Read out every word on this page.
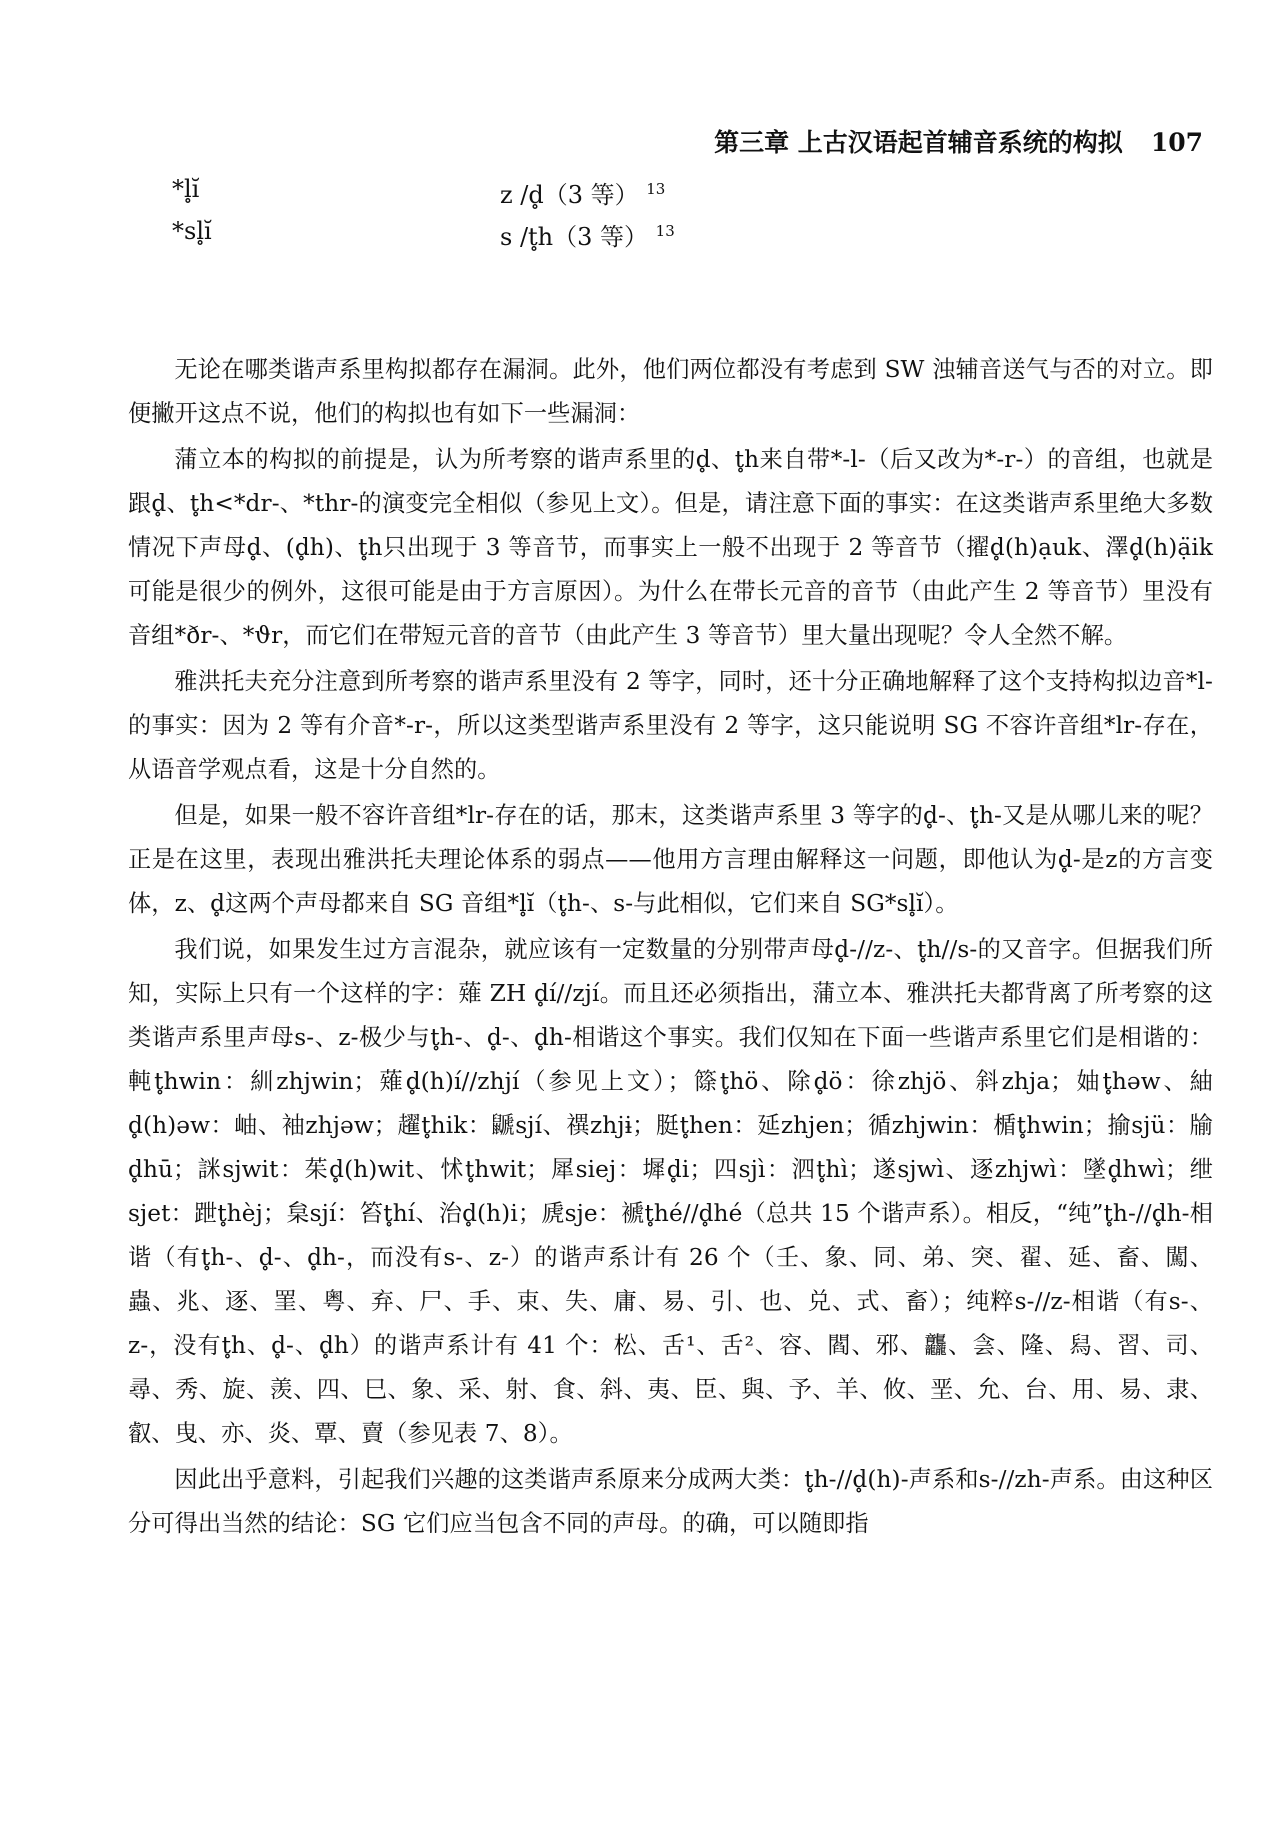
第三章 上古汉语起首辅音系统的构拟 107
*l̥ĭ	z /d̥（3 等） $^{13}$
*sl̥ĭ	s /t̥h（3 等） $^{13}$

无论在哪类谐声系里构拟都存在漏洞。此外，他们两位都没有考虑到 SW 浊辅音送气与否的对立。即便撇开这点不说，他们的构拟也有如下一些漏洞：

蒲立本的构拟的前提是，认为所考察的谐声系里的d̥、t̥h来自带*-l-（后又改为*-r-）的音组，也就是跟d̥、t̥h<*dr-、*thr-的演变完全相似（参见上文）。但是，请注意下面的事实：在这类谐声系里绝大多数情况下声母d̥、(d̥h)、t̥h只出现于 3 等音节，而事实上一般不出现于 2 等音节（擢d̥(h)ạuk、澤d̥(h)ạ̈ik可能是很少的例外，这很可能是由于方言原因）。为什么在带长元音的音节（由此产生 2 等音节）里没有音组*ðr-、*ϑr，而它们在带短元音的音节（由此产生 3 等音节）里大量出现呢？令人全然不解。

雅洪托夫充分注意到所考察的谐声系里没有 2 等字，同时，还十分正确地解释了这个支持构拟边音*l-的事实：因为 2 等有介音*-r-，所以这类型谐声系里没有 2 等字，这只能说明 SG 不容许音组*lr-存在，从语音学观点看，这是十分自然的。

但是，如果一般不容许音组*lr-存在的话，那末，这类谐声系里 3 等字的d̥-、t̥h-又是从哪儿来的呢？正是在这里，表现出雅洪托夫理论体系的弱点——他用方言理由解释这一问题，即他认为d̥-是z的方言变体，z、d̥这两个声母都来自 SG 音组*l̥ĭ（t̥h-、s-与此相似，它们来自 SG*sl̥ĭ）。

我们说，如果发生过方言混杂，就应该有一定数量的分别带声母d̥-//z-、t̥h//s-的又音字。但据我们所知，实际上只有一个这样的字：薙 ZH d̥í//zjí。而且还必须指出，蒲立本、雅洪托夫都背离了所考察的这类谐声系里声母s-、z-极少与t̥h-、d̥-、d̥h-相谐这个事实。我们仅知在下面一些谐声系里它们是相谐的：軘t̥hwin：紃zhjwin；薙d̥(h)í//zhjí（参见上文）；篨t̥hö、除d̥ö：徐zhjö、斜zhja；妯t̥həw、紬d̥(h)əw：岫、袖zhjəw；趯t̥hik：鼶sjí、禩zhjɨ；脡t̥hen：延zhjen；循zhjwin：楯t̥hwin；揄sjü：牏d̥hū；詸sjwit：茱d̥(h)wit、怵t̥hwit；犀siej：墀d̥i；四sjì：泗t̥hì；遂sjwì、逐zhjwì：墜d̥hwì；绁sjet：跇t̥hèj；枲sjí：笞t̥hí、治d̥(h)i；虒sje：褫t̥hé//d̥hé（总共 15 个谐声系）。相反，“纯”t̥h-//d̥h-相谐（有t̥h-、d̥-、d̥h-，而没有s-、z-）的谐声系计有 26 个（壬、象、同、弟、突、翟、延、畜、闖、蟲、兆、逐、罣、粤、弃、尸、手、束、失、庸、易、引、也、兑、式、畜）；纯粹s-//z-相谐（有s-、z-，没有t̥h、d̥-、d̥h）的谐声系计有 41 个：松、舌¹、舌²、容、閻、邪、龘、侌、隆、舄、習、司、尋、秀、旋、羡、四、巳、象、采、射、食、斜、夷、臣、與、予、羊、攸、垩、允、台、用、易、隶、叡、曳、亦、炎、覃、賣（参见表 7、8）。

因此出乎意料，引起我们兴趣的这类谐声系原来分成两大类：t̥h-//d̥(h)-声系和s-//zh-声系。由这种区分可得出当然的结论：SG 它们应当包含不同的声母。的确，可以随即指
